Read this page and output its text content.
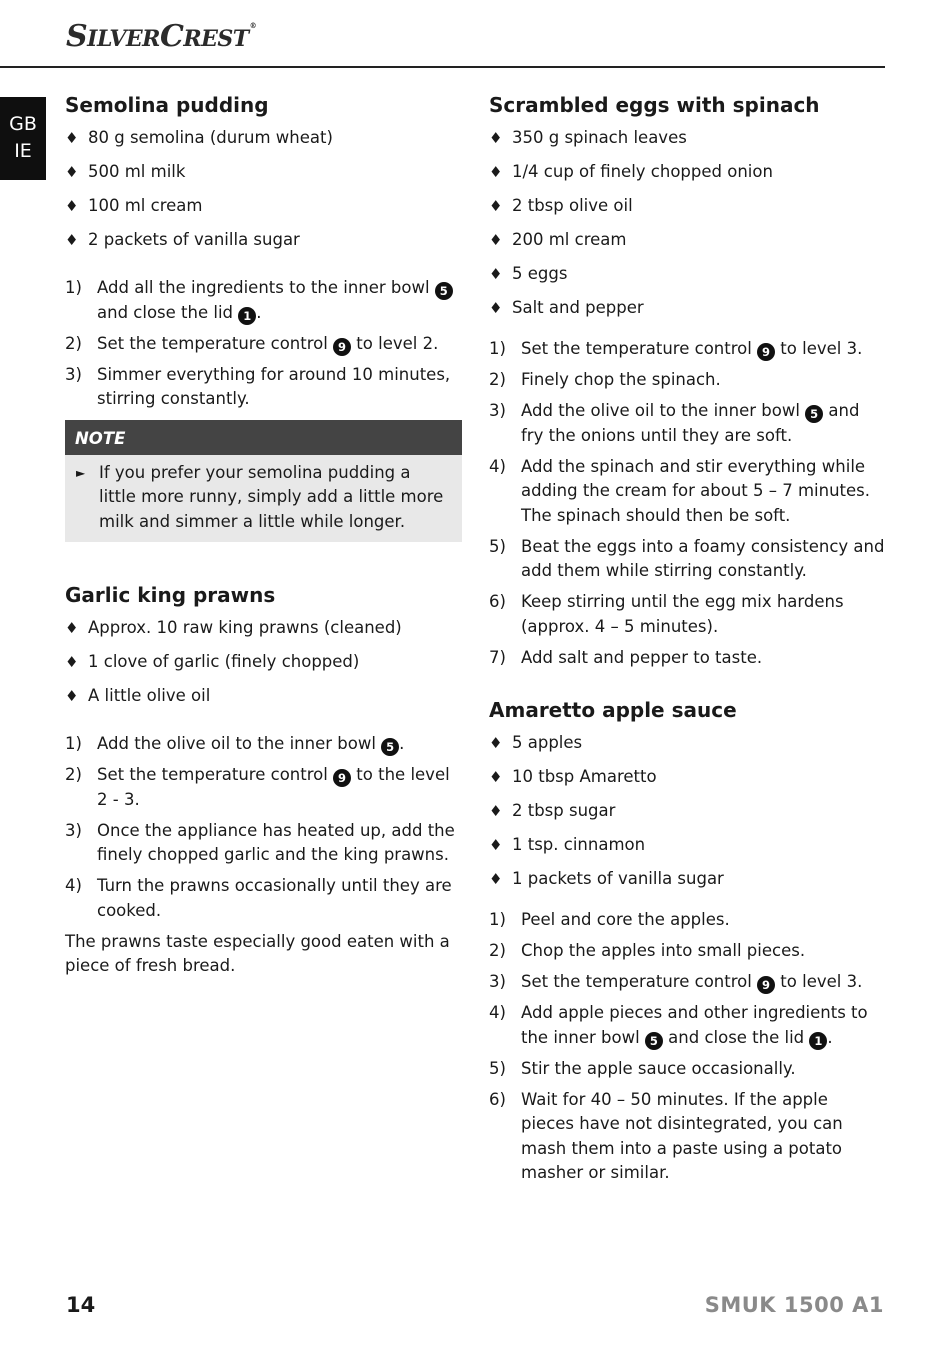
SILVERCREST®
GB
IE
Semolina pudding
♦ 80 g semolina (durum wheat)
♦ 500 ml milk
♦ 100 ml cream
♦ 2 packets of vanilla sugar
1) Add all the ingredients to the inner bowl 5 and close the lid 1 .
2) Set the temperature control 9 to level 2.
3) Simmer everything for around 10 minutes, stirring constantly.
NOTE
► If you prefer your semolina pudding a little more runny, simply add a little more milk and simmer a little while longer.
Garlic king prawns
♦ Approx. 10 raw king prawns (cleaned)
♦ 1 clove of garlic (finely chopped)
♦ A little olive oil
1) Add the olive oil to the inner bowl 5 .
2) Set the temperature control 9 to the level 2 - 3.
3) Once the appliance has heated up, add the finely chopped garlic and the king prawns.
4) Turn the prawns occasionally until they are cooked.

The prawns taste especially good eaten with a piece of fresh bread.

Scrambled eggs with spinach
♦ 350 g spinach leaves
♦ 1/4 cup of finely chopped onion
♦ 2 tbsp olive oil
♦ 200 ml cream
♦ 5 eggs
♦ Salt and pepper
1) Set the temperature control 9 to level 3.
2) Finely chop the spinach.
3) Add the olive oil to the inner bowl 5 and fry the onions until they are soft.
4) Add the spinach and stir everything while adding the cream for about 5 – 7 minutes. The spinach should then be soft.
5) Beat the eggs into a foamy consistency and add them while stirring constantly.
6) Keep stirring until the egg mix hardens (approx. 4 – 5 minutes).
7) Add salt and pepper to taste.
Amaretto apple sauce
♦ 5 apples
♦ 10 tbsp Amaretto
♦ 2 tbsp sugar
♦ 1 tsp. cinnamon
♦ 1 packets of vanilla sugar
1) Peel and core the apples.
2) Chop the apples into small pieces.
3) Set the temperature control 9 to level 3.
4) Add apple pieces and other ingredients to the inner bowl 5 and close the lid 1 .
5) Stir the apple sauce occasionally.
6) Wait for 40 – 50 minutes. If the apple pieces have not disintegrated, you can mash them into a paste using a potato masher or similar.
14	SMUK 1500 A1
